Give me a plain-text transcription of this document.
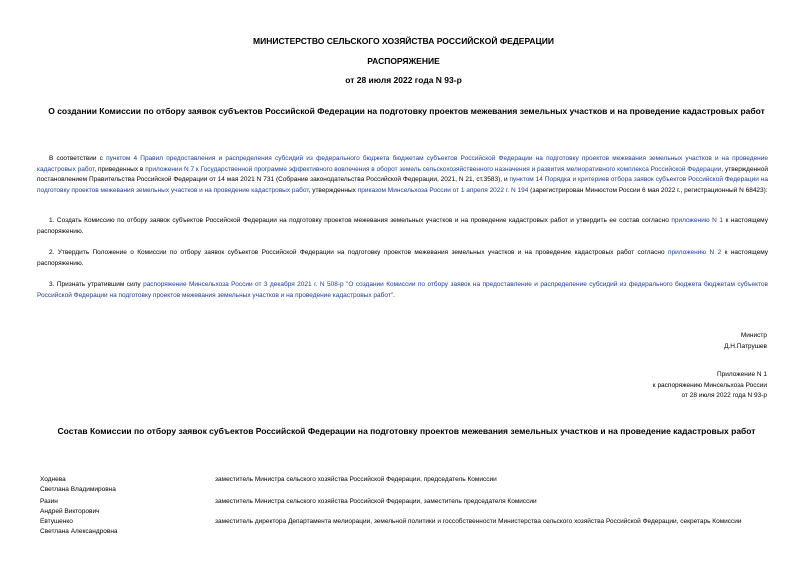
МИНИСТЕРСТВО СЕЛЬСКОГО ХОЗЯЙСТВА РОССИЙСКОЙ ФЕДЕРАЦИИ
РАСПОРЯЖЕНИЕ
от 28 июля 2022 года N 93-р
О создании Комиссии по отбору заявок субъектов Российской Федерации на подготовку проектов межевания земельных участков и на проведение кадастровых работ
В соответствии с пунктом 4 Правил предоставления и распределения субсидий из федерального бюджета бюджетам субъектов Российской Федерации на подготовку проектов межевания земельных участков и на проведение кадастровых работ, приведенных в приложении N 7 к Государственной программе эффективного вовлечения в оборот земель сельскохозяйственного назначения и развития мелиоративного комплекса Российской Федерации, утвержденной постановлением Правительства Российской Федерации от 14 мая 2021 N 731 (Собрание законодательства Российской Федерации, 2021, N 21, ст.3583), и пунктом 14 Порядка и критериев отбора заявок субъектов Российской Федерации на подготовку проектов межевания земельных участков и на проведение кадастровых работ, утвержденных приказом Минсельхоза России от 1 апреля 2022 г. N 194 (зарегистрирован Минюстом России 6 мая 2022 г., регистрационный N 68423):
1. Создать Комиссию по отбору заявок субъектов Российской Федерации на подготовку проектов межевания земельных участков и на проведение кадастровых работ и утвердить ее состав согласно приложению N 1 к настоящему распоряжению.
2. Утвердить Положение о Комиссии по отбору заявок субъектов Российской Федерации на подготовку проектов межевания земельных участков и на проведение кадастровых работ согласно приложению N 2 к настоящему распоряжению.
3. Признать утратившим силу распоряжение Минсельхоза России от 3 декабря 2021 г. N 508-р "О создании Комиссии по отбору заявок на предоставление и распределение субсидий из федерального бюджета бюджетам субъектов Российской Федерации на подготовку проектов межевания земельных участков и на проведение кадастровых работ".
Министр
Д.Н.Патрушев
Приложение N 1
к распоряжению Минсельхоза России
от 28 июля 2022 года N 93-р
Состав Комиссии по отбору заявок субъектов Российской Федерации на подготовку проектов межевания земельных участков и на проведение кадастровых работ
Ходнева
Светлана Владимировна
заместитель Министра сельского хозяйства Российской Федерации, председатель Комиссии
Разин
Андрей Викторович
заместитель Министра сельского хозяйства Российской Федерации, заместитель председателя Комиссии
Евтушенко
Светлана Александровна
заместитель директора Департамента мелиорации, земельной политики и госсобственности Министерства сельского хозяйства Российской Федерации, секретарь Комиссии
